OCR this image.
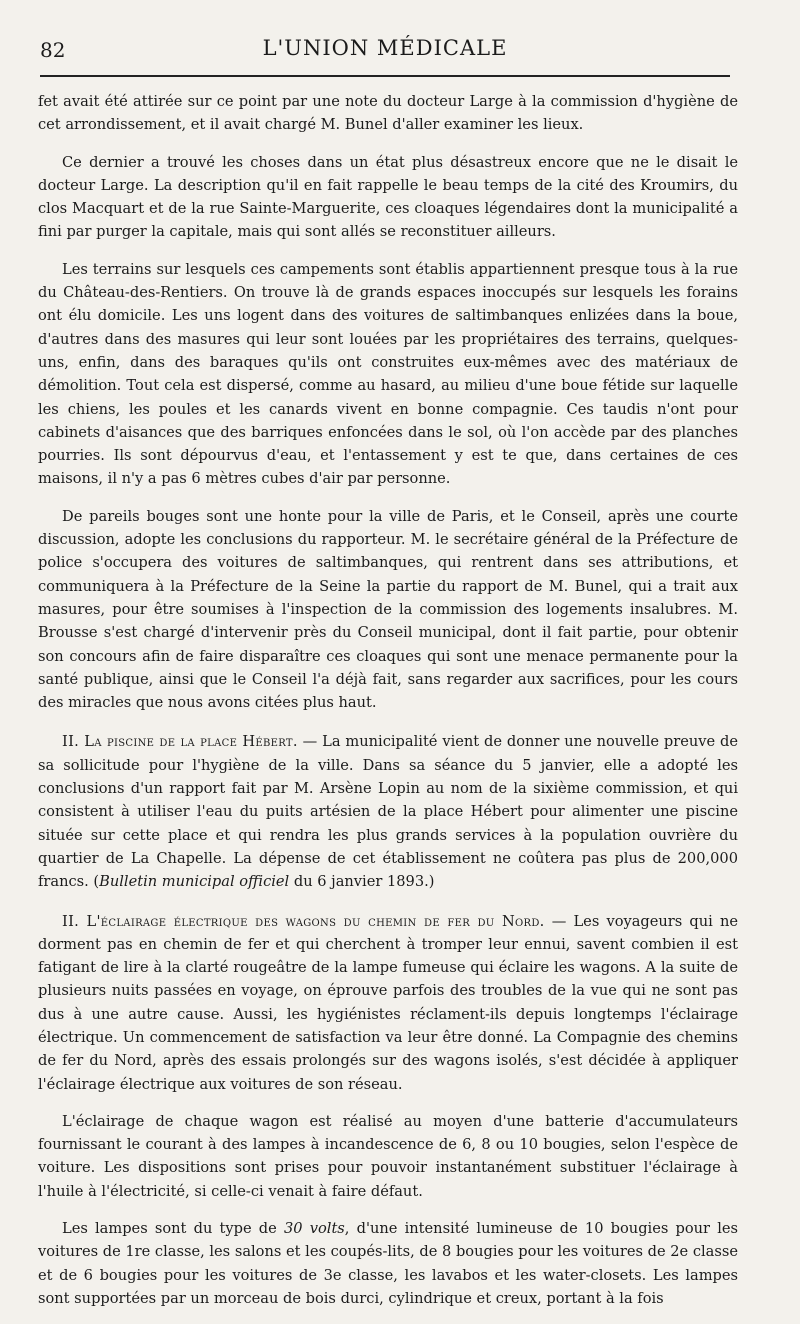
82	L'UNION MÉDICALE

fet avait été attirée sur ce point par une note du docteur Large à la commission d'hygiène de cet arrondissement, et il avait chargé M. Bunel d'aller examiner les lieux.

Ce dernier a trouvé les choses dans un état plus désastreux encore que ne le disait le docteur Large. La description qu'il en fait rappelle le beau temps de la cité des Kroumirs, du clos Macquart et de la rue Sainte-Marguerite, ces cloaques légendaires dont la municipalité a fini par purger la capitale, mais qui sont allés se reconstituer ailleurs.

Les terrains sur lesquels ces campements sont établis appartiennent presque tous à la rue du Château-des-Rentiers. On trouve là de grands espaces inoccupés sur lesquels les forains ont élu domicile. Les uns logent dans des voitures de saltimbanques enlizées dans la boue, d'autres dans des masures qui leur sont louées par les propriétaires des terrains, quelques-uns, enfin, dans des baraques qu'ils ont construites eux-mêmes avec des matériaux de démolition. Tout cela est dispersé, comme au hasard, au milieu d'une boue fétide sur laquelle les chiens, les poules et les canards vivent en bonne compagnie. Ces taudis n'ont pour cabinets d'aisances que des barriques enfoncées dans le sol, où l'on accède par des planches pourries. Ils sont dépourvus d'eau, et l'entassement y est te que, dans certaines de ces maisons, il n'y a pas 6 mètres cubes d'air par personne.

De pareils bouges sont une honte pour la ville de Paris, et le Conseil, après une courte discussion, adopte les conclusions du rapporteur. M. le secrétaire général de la Préfecture de police s'occupera des voitures de saltimbanques, qui rentrent dans ses attributions, et communiquera à la Préfecture de la Seine la partie du rapport de M. Bunel, qui a trait aux masures, pour être soumises à l'inspection de la commission des logements insalubres. M. Brousse s'est chargé d'intervenir près du Conseil municipal, dont il fait partie, pour obtenir son concours afin de faire disparaître ces cloaques qui sont une menace permanente pour la santé publique, ainsi que le Conseil l'a déjà fait, sans regarder aux sacrifices, pour les cours des miracles que nous avons citées plus haut.

II. La piscine de la place Hébert. — La municipalité vient de donner une nouvelle preuve de sa sollicitude pour l'hygiène de la ville. Dans sa séance du 5 janvier, elle a adopté les conclusions d'un rapport fait par M. Arsène Lopin au nom de la sixième commission, et qui consistent à utiliser l'eau du puits artésien de la place Hébert pour alimenter une piscine située sur cette place et qui rendra les plus grands services à la population ouvrière du quartier de La Chapelle. La dépense de cet établissement ne coûtera pas plus de 200,000 francs. (Bulletin municipal officiel du 6 janvier 1893.)

II. L'éclairage électrique des wagons du chemin de fer du Nord. — Les voyageurs qui ne dorment pas en chemin de fer et qui cherchent à tromper leur ennui, savent combien il est fatigant de lire à la clarté rougeâtre de la lampe fumeuse qui éclaire les wagons. A la suite de plusieurs nuits passées en voyage, on éprouve parfois des troubles de la vue qui ne sont pas dus à une autre cause. Aussi, les hygiénistes réclament-ils depuis longtemps l'éclairage électrique. Un commencement de satisfaction va leur être donné. La Compagnie des chemins de fer du Nord, après des essais prolongés sur des wagons isolés, s'est décidée à appliquer l'éclairage électrique aux voitures de son réseau.

L'éclairage de chaque wagon est réalisé au moyen d'une batterie d'accumulateurs fournissant le courant à des lampes à incandescence de 6, 8 ou 10 bougies, selon l'espèce de voiture. Les dispositions sont prises pour pouvoir instantanément substituer l'éclairage à l'huile à l'électricité, si celle-ci venait à faire défaut.

Les lampes sont du type de 30 volts, d'une intensité lumineuse de 10 bougies pour les voitures de 1re classe, les salons et les coupés-lits, de 8 bougies pour les voitures de 2e classe et de 6 bougies pour les voitures de 3e classe, les lavabos et les water-closets. Les lampes sont supportées par un morceau de bois durci, cylindrique et creux, portant à la fois
